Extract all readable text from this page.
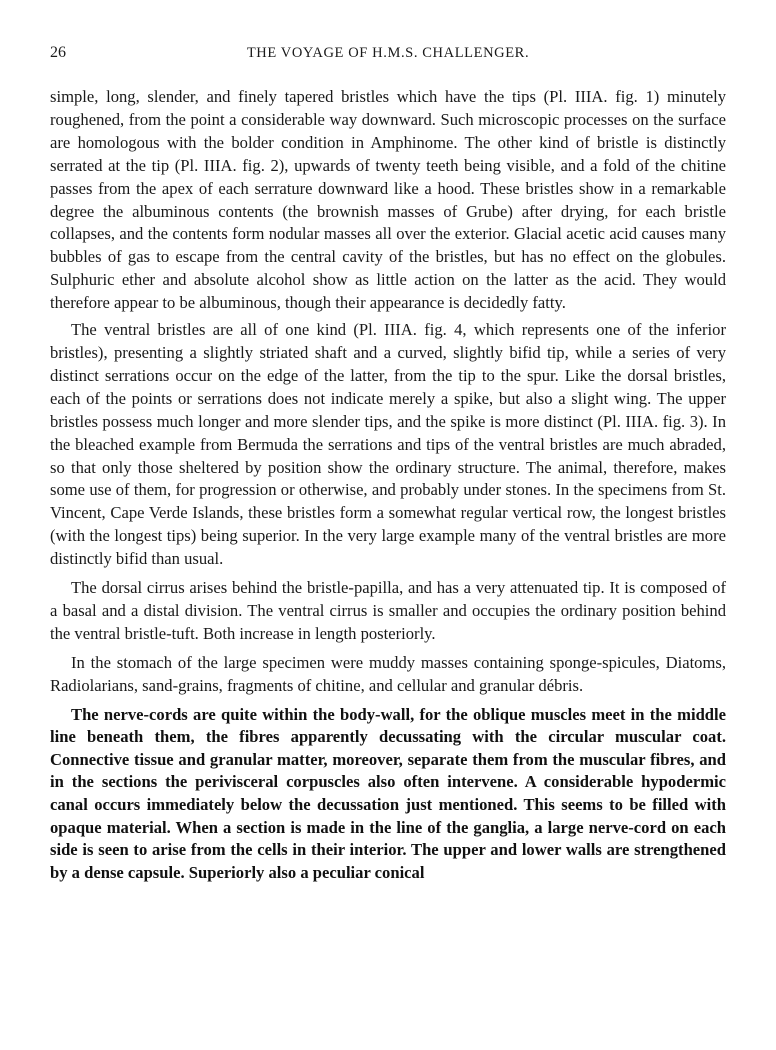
26	THE VOYAGE OF H.M.S. CHALLENGER.

simple, long, slender, and finely tapered bristles which have the tips (Pl. IIIA. fig. 1) minutely roughened, from the point a considerable way downward. Such microscopic processes on the surface are homologous with the bolder condition in Amphinome. The other kind of bristle is distinctly serrated at the tip (Pl. IIIA. fig. 2), upwards of twenty teeth being visible, and a fold of the chitine passes from the apex of each serrature downward like a hood. These bristles show in a remarkable degree the albuminous contents (the brownish masses of Grube) after drying, for each bristle collapses, and the contents form nodular masses all over the exterior. Glacial acetic acid causes many bubbles of gas to escape from the central cavity of the bristles, but has no effect on the globules. Sulphuric ether and absolute alcohol show as little action on the latter as the acid. They would therefore appear to be albuminous, though their appearance is decidedly fatty.

The ventral bristles are all of one kind (Pl. IIIA. fig. 4, which represents one of the inferior bristles), presenting a slightly striated shaft and a curved, slightly bifid tip, while a series of very distinct serrations occur on the edge of the latter, from the tip to the spur. Like the dorsal bristles, each of the points or serrations does not indicate merely a spike, but also a slight wing. The upper bristles possess much longer and more slender tips, and the spike is more distinct (Pl. IIIA. fig. 3). In the bleached example from Bermuda the serrations and tips of the ventral bristles are much abraded, so that only those sheltered by position show the ordinary structure. The animal, therefore, makes some use of them, for progression or otherwise, and probably under stones. In the specimens from St. Vincent, Cape Verde Islands, these bristles form a somewhat regular vertical row, the longest bristles (with the longest tips) being superior. In the very large example many of the ventral bristles are more distinctly bifid than usual.

The dorsal cirrus arises behind the bristle-papilla, and has a very attenuated tip. It is composed of a basal and a distal division. The ventral cirrus is smaller and occupies the ordinary position behind the ventral bristle-tuft. Both increase in length posteriorly.

In the stomach of the large specimen were muddy masses containing sponge-spicules, Diatoms, Radiolarians, sand-grains, fragments of chitine, and cellular and granular débris.

The nerve-cords are quite within the body-wall, for the oblique muscles meet in the middle line beneath them, the fibres apparently decussating with the circular muscular coat. Connective tissue and granular matter, moreover, separate them from the muscular fibres, and in the sections the perivisceral corpuscles also often intervene. A considerable hypodermic canal occurs immediately below the decussation just mentioned. This seems to be filled with opaque material. When a section is made in the line of the ganglia, a large nerve-cord on each side is seen to arise from the cells in their interior. The upper and lower walls are strengthened by a dense capsule. Superiorly also a peculiar conical
